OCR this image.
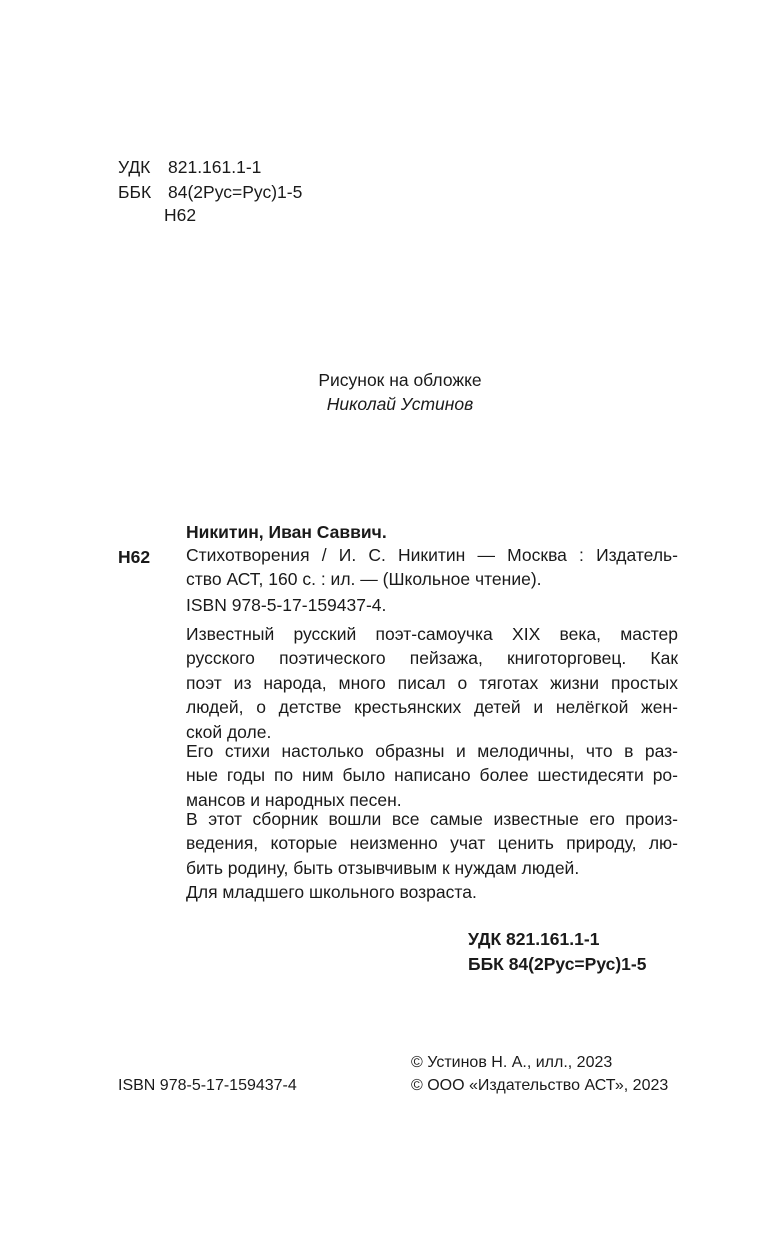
УДК 821.161.1-1
ББК 84(2Рус=Рус)1-5
Н62
Рисунок на обложке
Николай Устинов
Никитин, Иван Саввич.
Н62 Стихотворения / И. С. Никитин — Москва : Издатель-
ство АСТ, 160 с. : ил. — (Школьное чтение).
ISBN 978-5-17-159437-4.
Известный русский поэт-самоучка XIX века, мастер
русского поэтического пейзажа, книготорговец. Как
поэт из народа, много писал о тяготах жизни простых
людей, о детстве крестьянских детей и нелёгкой жен-
ской доле.
Его стихи настолько образны и мелодичны, что в раз-
ные годы по ним было написано более шестидесяти ро-
мансов и народных песен.
В этот сборник вошли все самые известные его произ-
ведения, которые неизменно учат ценить природу, лю-
бить родину, быть отзывчивым к нуждам людей.
Для младшего школьного возраста.
УДК 821.161.1-1
ББК 84(2Рус=Рус)1-5
© Устинов Н. А., илл., 2023
© ООО «Издательство АСТ», 2023
ISBN 978-5-17-159437-4
